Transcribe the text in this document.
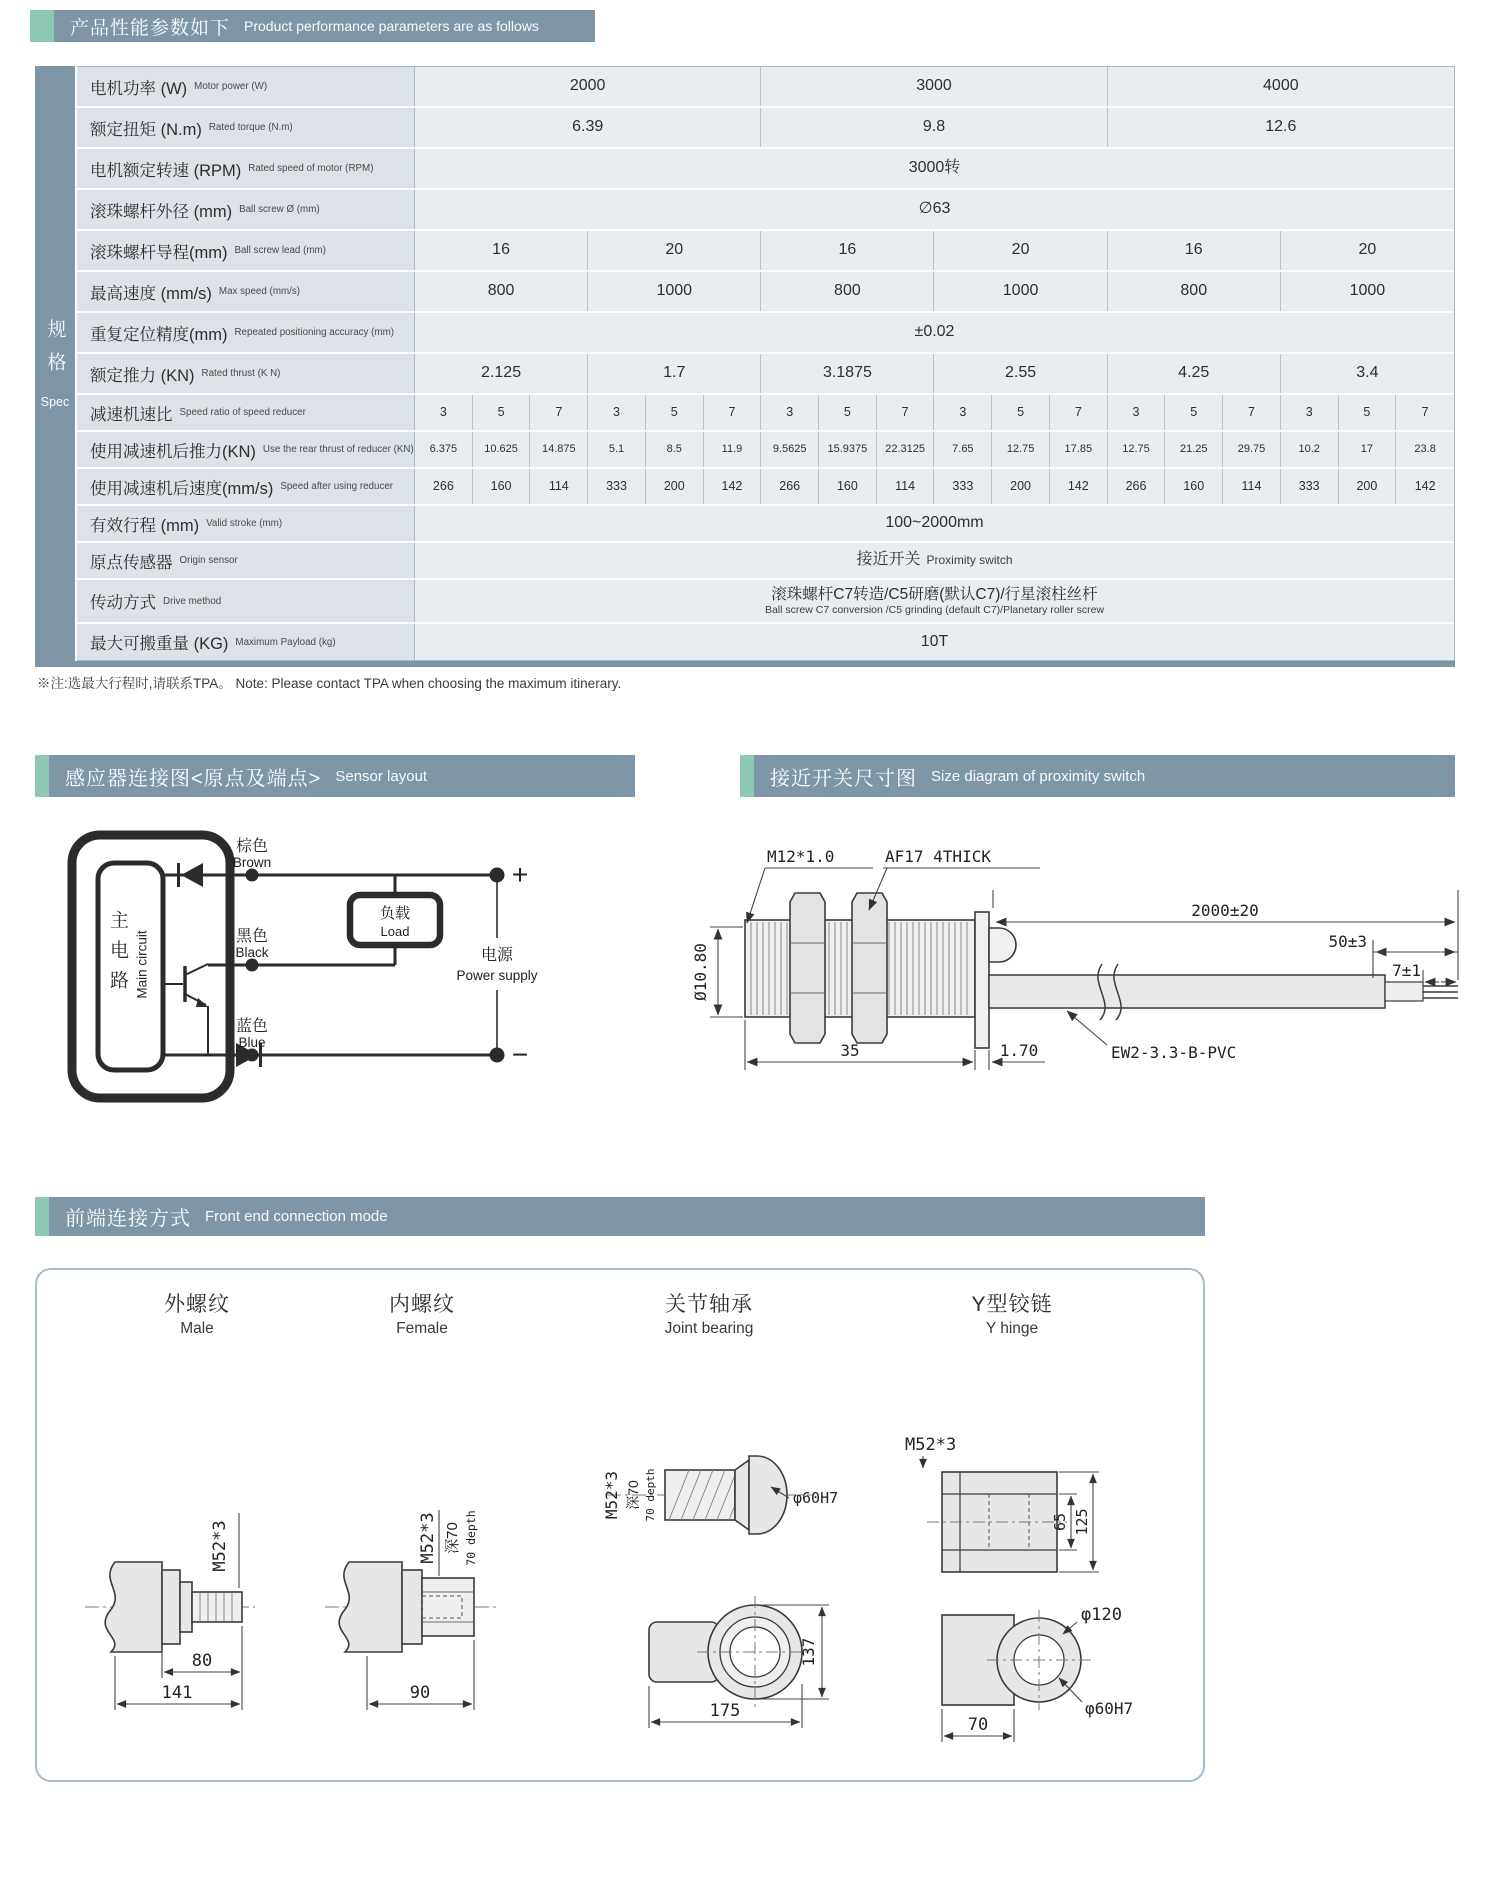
产品性能参数如下 Product performance parameters are as follows
规格
Spec
电机功率 (W) Motor power (W)	2000	3000	4000
额定扭矩 (N.m) Rated torque (N.m)	6.39	9.8	12.6
电机额定转速 (RPM) Rated speed of motor (RPM)	3000转
滚珠螺杆外径 (mm) Ball screw Ø (mm)	∅63
滚珠螺杆导程(mm) Ball screw lead (mm)	16	20	16	20	16	20
最高速度 (mm/s) Max speed (mm/s)	800	1000	800	1000	800	1000
重复定位精度(mm) Repeated positioning accuracy (mm)	±0.02
额定推力 (KN) Rated thrust (K N)	2.125	1.7	3.1875	2.55	4.25	3.4
减速机速比 Speed ratio of speed reducer	3	5	7	3	5	7	3	5	7	3	5	7	3	5	7	3	5	7
使用减速机后推力(KN) Use the rear thrust of reducer (KN)	6.375	10.625	14.875	5.1	8.5	11.9	9.5625	15.9375	22.3125	7.65	12.75	17.85	12.75	21.25	29.75	10.2	17	23.8
使用减速机后速度(mm/s) Speed after using reducer	266	160	114	333	200	142	266	160	114	333	200	142	266	160	114	333	200	142
有效行程 (mm) Valid stroke (mm)	100~2000mm
原点传感器 Origin sensor	接近开关 Proximity switch
传动方式 Drive method	滚珠螺杆C7转造/C5研磨(默认C7)/行星滚柱丝杆
Ball screw C7 conversion /C5 grinding (default C7)/Planetary roller screw
最大可搬重量 (KG) Maximum Payload (kg)	10T
※注:选最大行程时,请联系TPA。 Note: Please contact TPA when choosing the maximum itinerary.
感应器连接图<原点及端点> Sensor layout	接近开关尺寸图 Size diagram of proximity switch
棕色
Brown
黑色
Black
蓝色
Blue
负载
Load
电源
Power supply
+
−
主电路 Main circuit
M12*1.0	AF17 4THICK
Ø10.80
35	1.70
2000±20
50±3
7±1
EW2-3.3-B-PVC
前端连接方式 Front end connection mode
外螺纹
Male
内螺纹
Female
关节轴承
Joint bearing
Y型铰链
Y hinge
M52*3
80
141
M52*3 深70 70 depth
90
M52*3 深70 70 depth	φ60H7
137
175
M52*3
65 125
φ120
φ60H7
70
